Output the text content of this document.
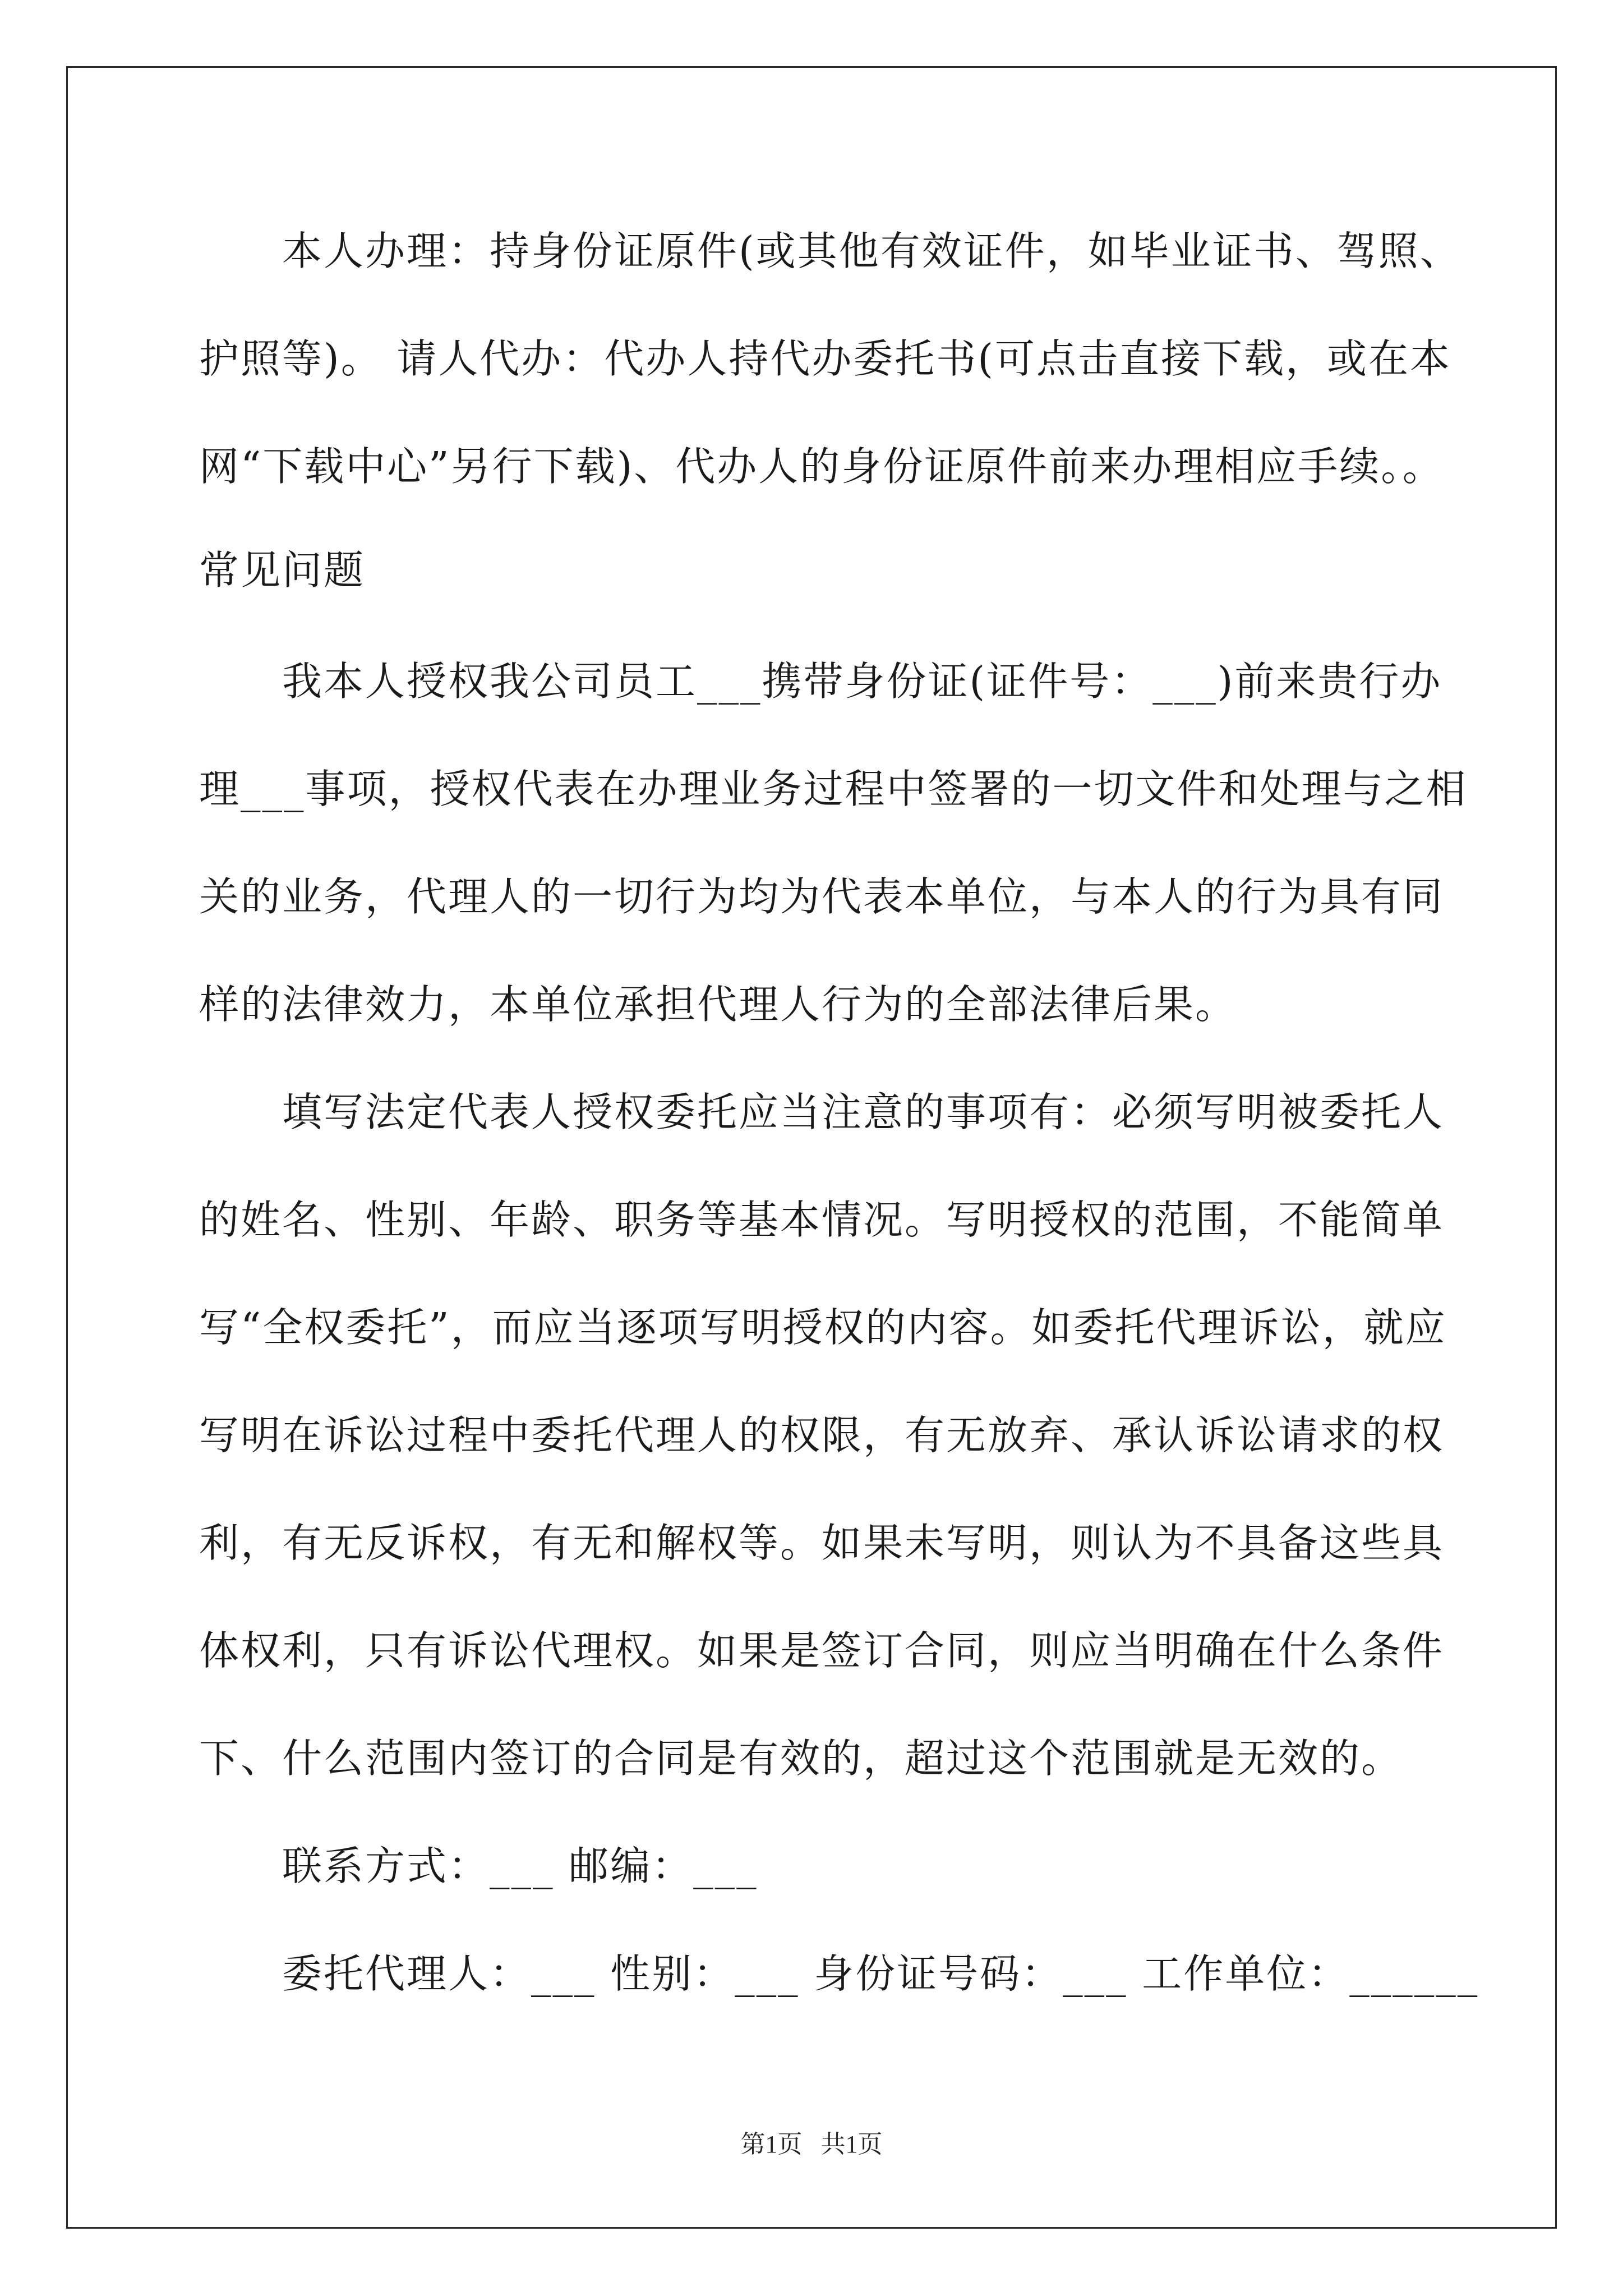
　　本人办理：持身份证原件(或其他有效证件，如毕业证书、驾照、
护照等)。 请人代办：代办人持代办委托书(可点击直接下载，或在本
网“下载中心”另行下载)、代办人的身份证原件前来办理相应手续。。
常见问题
　　我本人授权我公司员工___携带身份证(证件号：___)前来贵行办
理___事项，授权代表在办理业务过程中签署的一切文件和处理与之相
关的业务，代理人的一切行为均为代表本单位，与本人的行为具有同
样的法律效力，本单位承担代理人行为的全部法律后果。
　　填写法定代表人授权委托应当注意的事项有：必须写明被委托人
的姓名、性别、年龄、职务等基本情况。写明授权的范围，不能简单
写“全权委托”，而应当逐项写明授权的内容。如委托代理诉讼，就应
写明在诉讼过程中委托代理人的权限，有无放弃、承认诉讼请求的权
利，有无反诉权，有无和解权等。如果未写明，则认为不具备这些具
体权利，只有诉讼代理权。如果是签订合同，则应当明确在什么条件
下、什么范围内签订的合同是有效的，超过这个范围就是无效的。
　　联系方式：___ 邮编：___
　　委托代理人：___ 性别：___ 身份证号码：___ 工作单位：______
第1页   共1页
